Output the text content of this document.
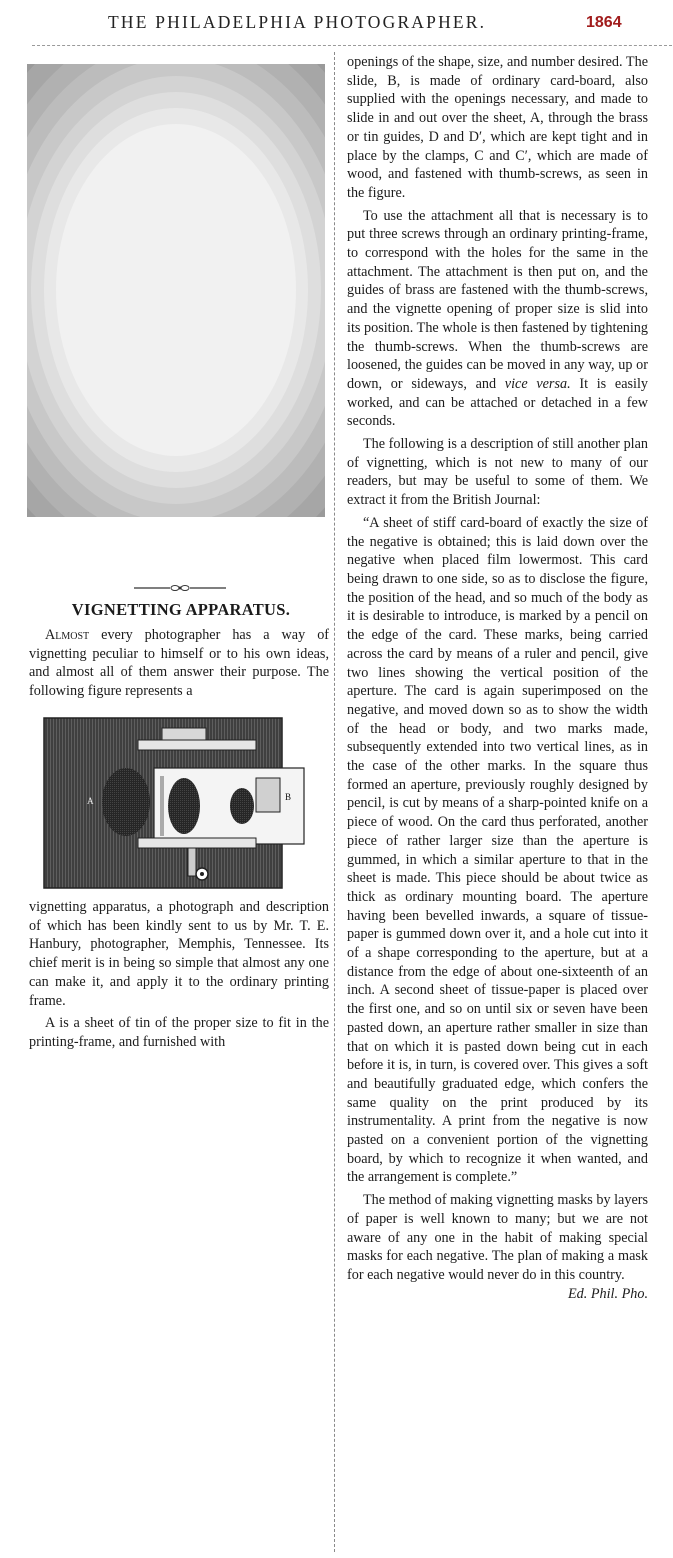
THE PHILADELPHIA PHOTOGRAPHER.	1864
VIGNETTING APPARATUS.

Almost every photographer has a way of vignetting peculiar to himself or to his own ideas, and almost all of them answer their purpose. The following figure represents a

A	B

vignetting apparatus, a photograph and description of which has been kindly sent to us by Mr. T. E. Hanbury, photographer, Memphis, Tennessee. Its chief merit is in being so simple that almost any one can make it, and apply it to the ordinary printing frame.

A is a sheet of tin of the proper size to fit in the printing-frame, and furnished with

openings of the shape, size, and number desired. The slide, B, is made of ordinary card-board, also supplied with the openings necessary, and made to slide in and out over the sheet, A, through the brass or tin guides, D and D′, which are kept tight and in place by the clamps, C and C′, which are made of wood, and fastened with thumb-screws, as seen in the figure.

To use the attachment all that is necessary is to put three screws through an ordinary printing-frame, to correspond with the holes for the same in the attachment. The attachment is then put on, and the guides of brass are fastened with the thumb-screws, and the vignette opening of proper size is slid into its position. The whole is then fastened by tightening the thumb-screws. When the thumb-screws are loosened, the guides can be moved in any way, up or down, or sideways, and vice versa. It is easily worked, and can be attached or detached in a few seconds.

The following is a description of still another plan of vignetting, which is not new to many of our readers, but may be useful to some of them. We extract it from the British Journal:

“A sheet of stiff card-board of exactly the size of the negative is obtained; this is laid down over the negative when placed film lowermost. This card being drawn to one side, so as to disclose the figure, the position of the head, and so much of the body as it is desirable to introduce, is marked by a pencil on the edge of the card. These marks, being carried across the card by means of a ruler and pencil, give two lines showing the vertical position of the aperture. The card is again superimposed on the negative, and moved down so as to show the width of the head or body, and two marks made, subsequently extended into two vertical lines, as in the case of the other marks. In the square thus formed an aperture, previously roughly designed by pencil, is cut by means of a sharp-pointed knife on a piece of wood. On the card thus perforated, another piece of rather larger size than the aperture is gummed, in which a similar aperture to that in the sheet is made. This piece should be about twice as thick as ordinary mounting board. The aperture having been bevelled inwards, a square of tissue-paper is gummed down over it, and a hole cut into it of a shape corresponding to the aperture, but at a distance from the edge of about one-sixteenth of an inch. A second sheet of tissue-paper is placed over the first one, and so on until six or seven have been pasted down, an aperture rather smaller in size than that on which it is pasted down being cut in each before it is, in turn, is covered over. This gives a soft and beautifully graduated edge, which confers the same quality on the print produced by its instrumentality. A print from the negative is now pasted on a convenient portion of the vignetting board, by which to recognize it when wanted, and the arrangement is complete.”

The method of making vignetting masks by layers of paper is well known to many; but we are not aware of any one in the habit of making special masks for each negative. The plan of making a mask for each negative would never do in this country.
Ed. Phil. Pho.
